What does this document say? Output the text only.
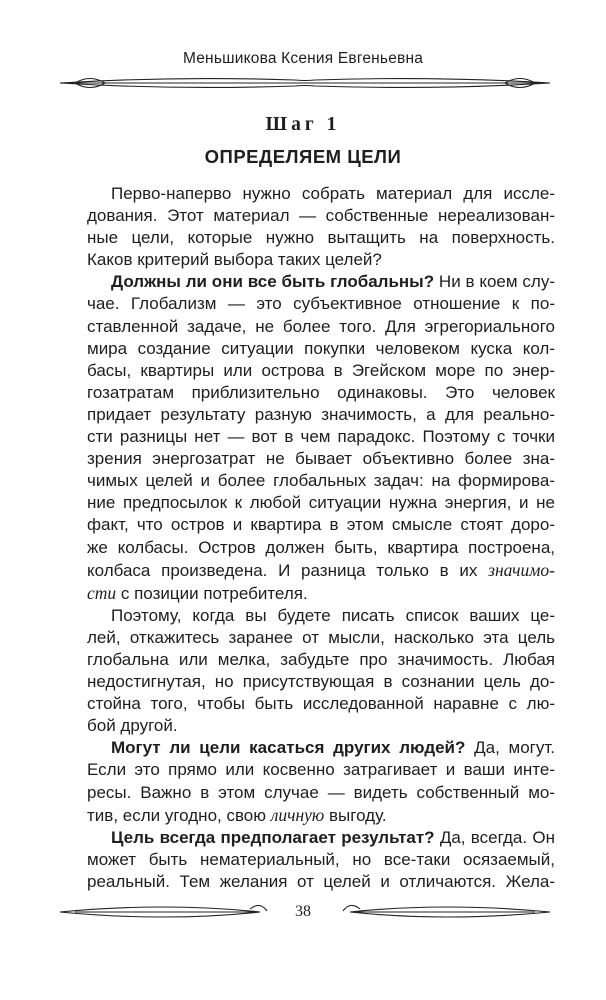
Меньшикова Ксения Евгеньевна
Шаг 1
ОПРЕДЕЛЯЕМ ЦЕЛИ
Перво-наперво нужно собрать материал для иссле-
дования. Этот материал — собственные нереализован-
ные цели, которые нужно вытащить на поверхность.
Каков критерий выбора таких целей?
Должны ли они все быть глобальны? Ни в коем слу-
чае. Глобализм — это субъективное отношение к по-
ставленной задаче, не более того. Для эгрегориального
мира создание ситуации покупки человеком куска кол-
басы, квартиры или острова в Эгейском море по энер-
гозатратам приблизительно одинаковы. Это человек
придает результату разную значимость, а для реально-
сти разницы нет — вот в чем парадокс. Поэтому с точки
зрения энергозатрат не бывает объективно более зна-
чимых целей и более глобальных задач: на формирова-
ние предпосылок к любой ситуации нужна энергия, и не
факт, что остров и квартира в этом смысле стоят доро-
же колбасы. Остров должен быть, квартира построена,
колбаса произведена. И разница только в их значимо-
сти с позиции потребителя.
Поэтому, когда вы будете писать список ваших це-
лей, откажитесь заранее от мысли, насколько эта цель
глобальна или мелка, забудьте про значимость. Любая
недостигнутая, но присутствующая в сознании цель до-
стойна того, чтобы быть исследованной наравне с лю-
бой другой.
Могут ли цели касаться других людей? Да, могут.
Если это прямо или косвенно затрагивает и ваши инте-
ресы. Важно в этом случае — видеть собственный мо-
тив, если угодно, свою личную выгоду.
Цель всегда предполагает результат? Да, всегда. Он
может быть нематериальный, но все-таки осязаемый,
реальный. Тем желания от целей и отличаются. Жела-
38
